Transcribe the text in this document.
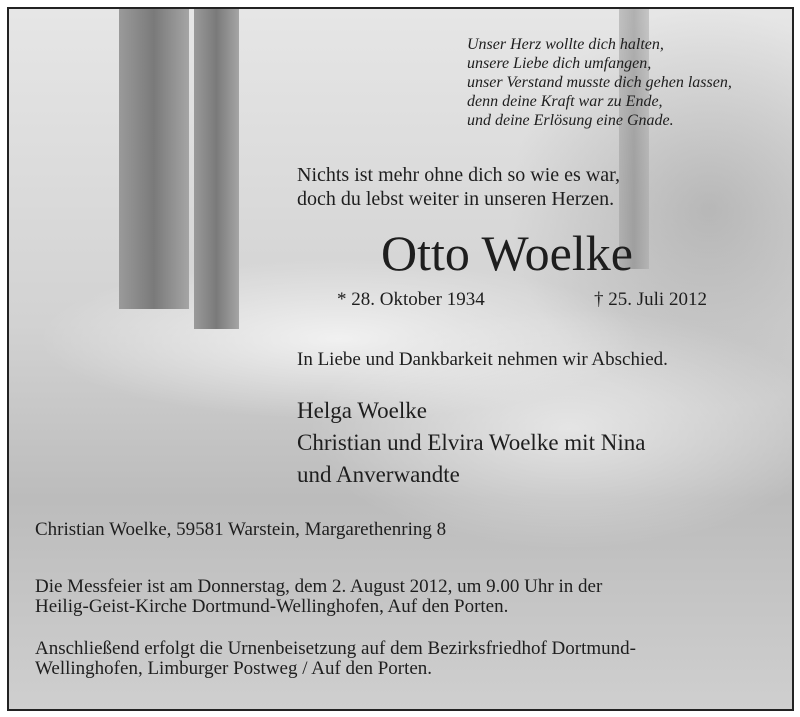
Unser Herz wollte dich halten,
unsere Liebe dich umfangen,
unser Verstand musste dich gehen lassen,
denn deine Kraft war zu Ende,
und deine Erlösung eine Gnade.
Nichts ist mehr ohne dich so wie es war,
doch du lebst weiter in unseren Herzen.
Otto Woelke
* 28. Oktober 1934	† 25. Juli 2012
In Liebe und Dankbarkeit nehmen wir Abschied.
Helga Woelke
Christian und Elvira Woelke mit Nina
und Anverwandte
Christian Woelke, 59581 Warstein, Margarethenring 8
Die Messfeier ist am Donnerstag, dem 2. August 2012, um 9.00 Uhr in der
Heilig-Geist-Kirche Dortmund-Wellinghofen, Auf den Porten.
Anschließend erfolgt die Urnenbeisetzung auf dem Bezirksfriedhof Dortmund-
Wellinghofen, Limburger Postweg / Auf den Porten.
